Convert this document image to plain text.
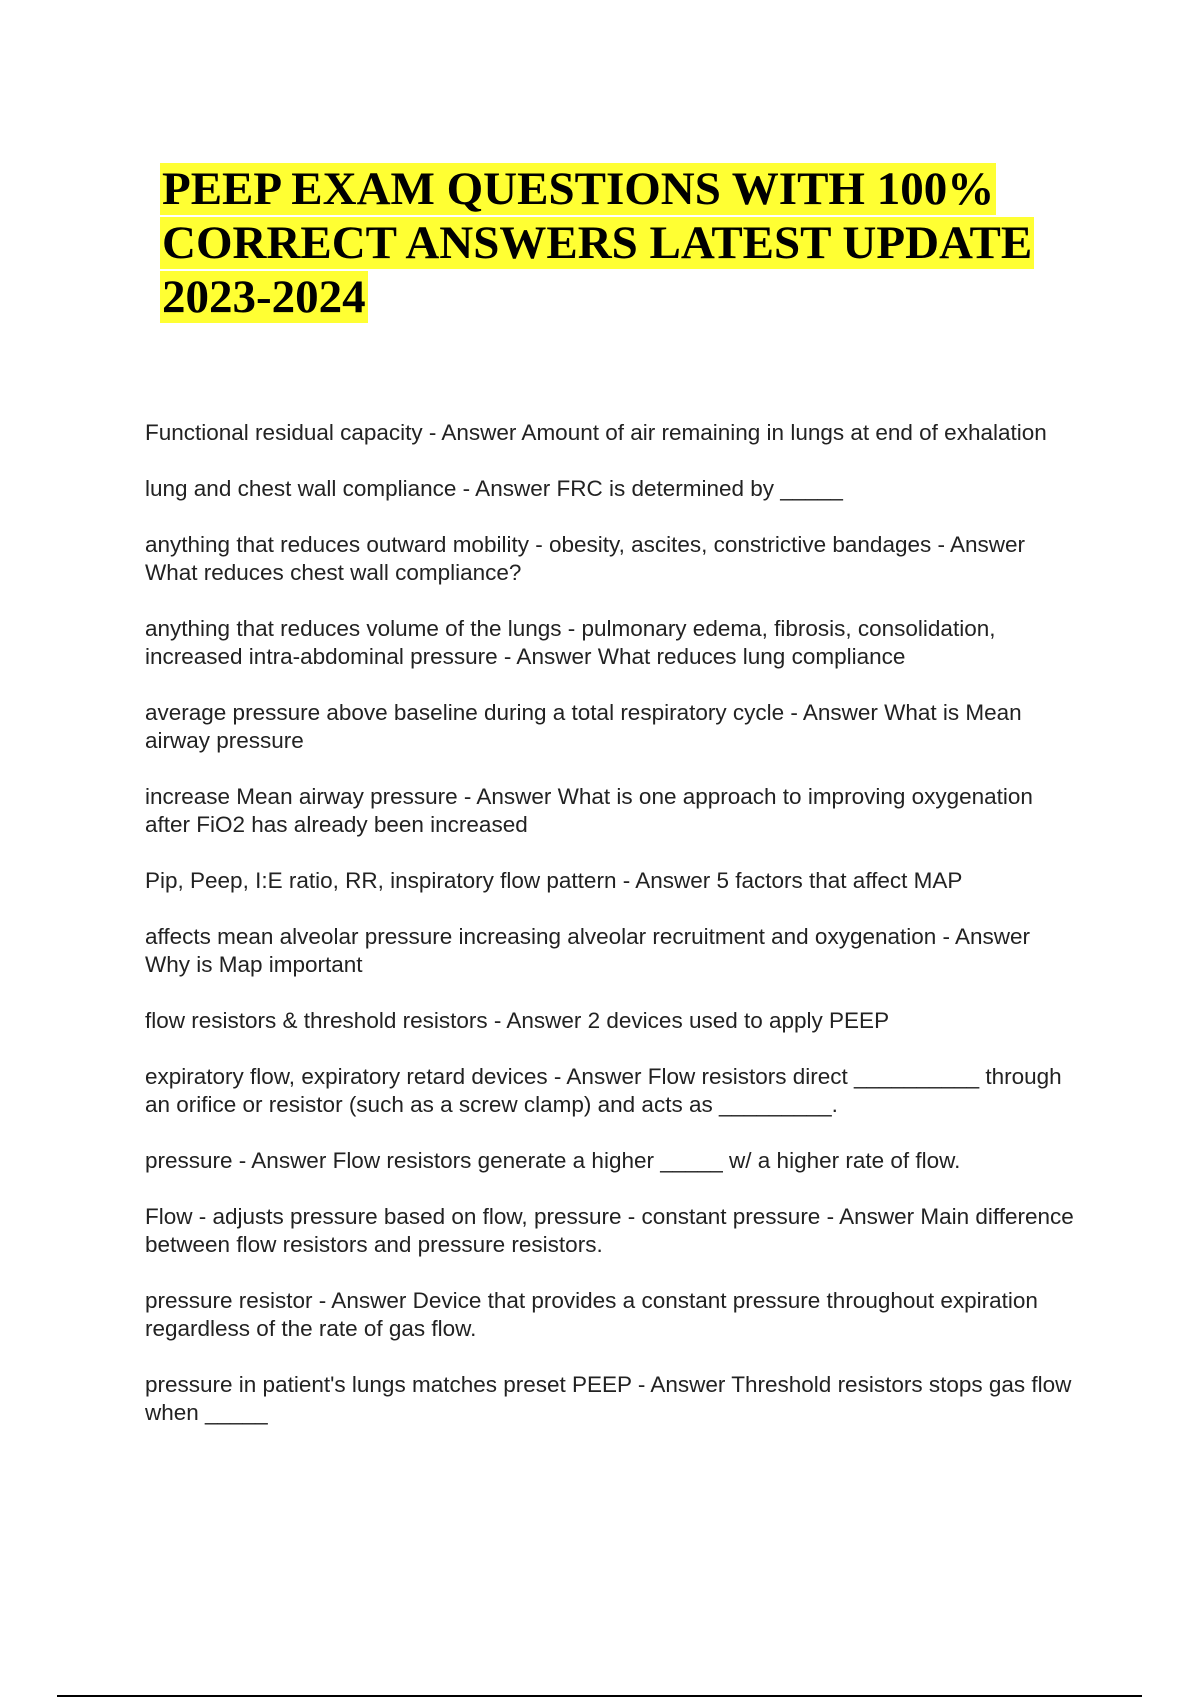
PEEP EXAM QUESTIONS WITH 100% CORRECT ANSWERS LATEST UPDATE 2023-2024
Functional residual capacity - Answer Amount of air remaining in lungs at end of exhalation
lung and chest wall compliance - Answer FRC is determined by _____
anything that reduces outward mobility - obesity, ascites, constrictive bandages - Answer What reduces chest wall compliance?
anything that reduces volume of the lungs - pulmonary edema, fibrosis, consolidation, increased intra-abdominal pressure - Answer What reduces lung compliance
average pressure above baseline during a total respiratory cycle - Answer What is Mean airway pressure
increase Mean airway pressure - Answer What is one approach to improving oxygenation after FiO2 has already been increased
Pip, Peep, I:E ratio, RR, inspiratory flow pattern - Answer 5 factors that affect MAP
affects mean alveolar pressure increasing alveolar recruitment and oxygenation - Answer Why is Map important
flow resistors & threshold resistors - Answer 2 devices used to apply PEEP
expiratory flow, expiratory retard devices - Answer Flow resistors direct __________ through an orifice or resistor (such as a screw clamp) and acts as _________.
pressure - Answer Flow resistors generate a higher _____ w/ a higher rate of flow.
Flow - adjusts pressure based on flow, pressure - constant pressure - Answer Main difference between flow resistors and pressure resistors.
pressure resistor - Answer Device that provides a constant pressure throughout expiration regardless of the rate of gas flow.
pressure in patient's lungs matches preset PEEP - Answer Threshold resistors stops gas flow when _____
